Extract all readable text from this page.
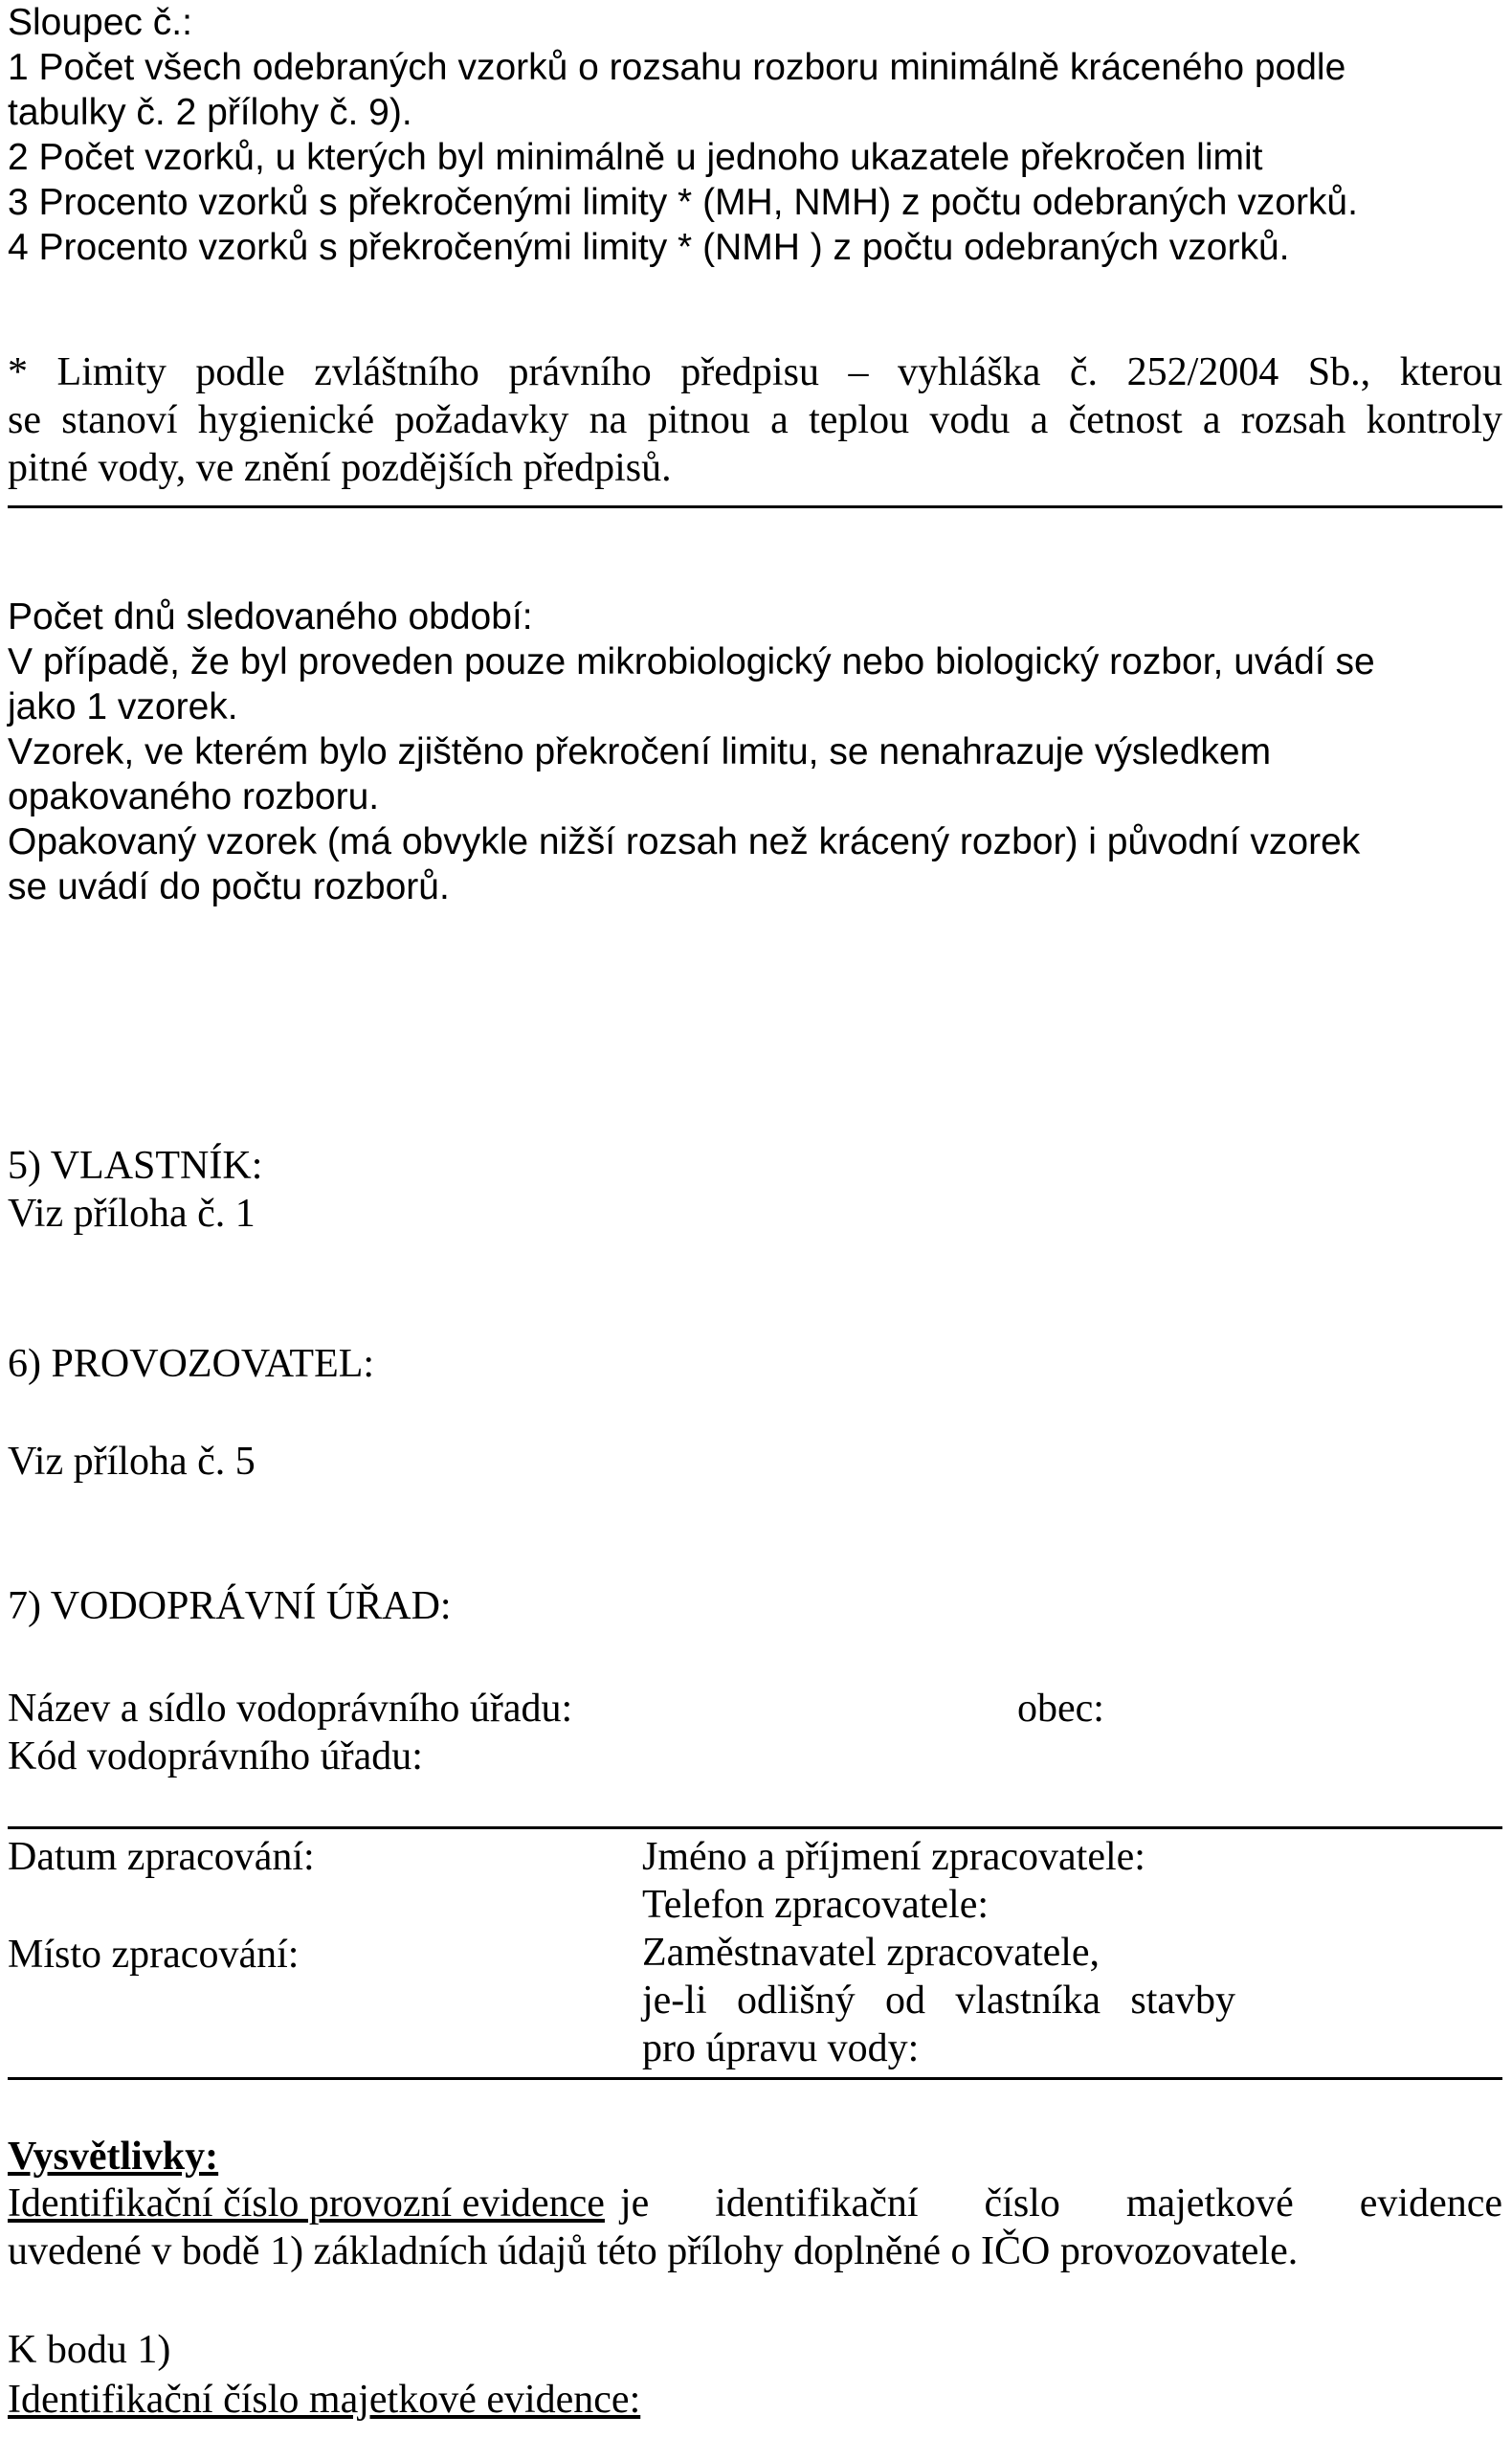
Sloupec č.:
1 Počet všech odebraných vzorků o rozsahu rozboru minimálně kráceného podle
tabulky č. 2 přílohy č. 9).
2 Počet vzorků, u kterých byl minimálně u jednoho ukazatele překročen limit
3 Procento vzorků s překročenými limity * (MH, NMH) z počtu odebraných vzorků.
4 Procento vzorků s překročenými limity * (NMH ) z počtu odebraných vzorků.
* Limity podle zvláštního právního předpisu – vyhláška č. 252/2004 Sb., kterou
se stanoví hygienické požadavky na pitnou a teplou vodu a četnost a rozsah kontroly
pitné vody, ve znění pozdějších předpisů.
Počet dnů sledovaného období:
V případě, že byl proveden pouze mikrobiologický nebo biologický rozbor, uvádí se
jako 1 vzorek.
Vzorek, ve kterém bylo zjištěno překročení limitu, se nenahrazuje výsledkem
opakovaného rozboru.
Opakovaný vzorek (má obvykle nižší rozsah než krácený rozbor) i původní vzorek
se uvádí do počtu rozborů.
5) VLASTNÍK:
Viz příloha č. 1
6) PROVOZOVATEL:
Viz příloha č. 5
7) VODOPRÁVNÍ ÚŘAD:
Název a sídlo vodoprávního úřadu:	obec:
Kód vodoprávního úřadu:
Datum zpracování:
Místo zpracování:
Jméno a příjmení zpracovatele:
Telefon zpracovatele:
Zaměstnavatel zpracovatele,
je-li odlišný od vlastníka stavby
pro úpravu vody:
Vysvětlivky:
Identifikační číslo provozní evidence je identifikační číslo majetkové evidence
uvedené v bodě 1) základních údajů této přílohy doplněné o IČO provozovatele.
K bodu 1)
Identifikační číslo majetkové evidence:
